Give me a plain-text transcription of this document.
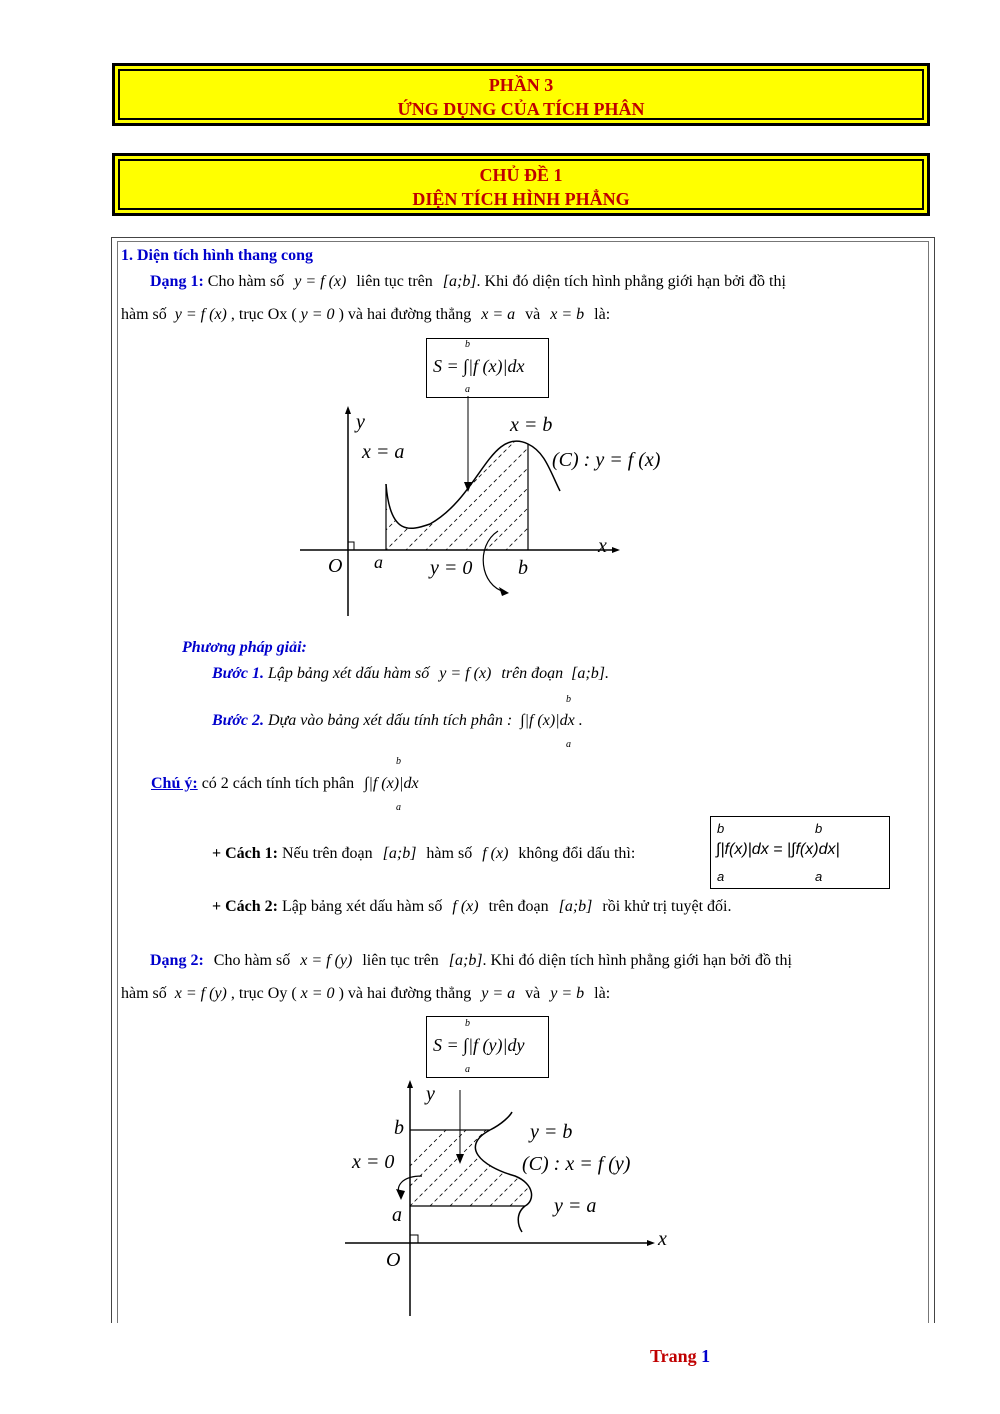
PHẦN 3
ỨNG DỤNG CỦA TÍCH PHÂN
CHỦ ĐỀ 1
DIỆN TÍCH HÌNH PHẲNG
1. Diện tích hình thang cong
Dạng 1: Cho hàm số y = f (x) liên tục trên [a;b]. Khi đó diện tích hình phẳng giới hạn bởi đồ thị
hàm số y = f (x) , trục Ox ( y = 0 ) và hai đường thẳng x = a và x = b là:
S = ∫|f (x)|dx
b
a
y
x
O a	b
x = a
x = b
(C) : y = f (x)
y = 0
Phương pháp giải:
Bước 1. Lập bảng xét dấu hàm số y = f (x) trên đoạn [a;b].
Bước 2. Dựa vào bảng xét dấu tính tích phân : ∫|f (x)|dx .
b
a
Chú ý: có 2 cách tính tích phân ∫|f (x)|dx
b
a
+ Cách 1: Nếu trên đoạn [a;b] hàm số f (x) không đổi dấu thì:	∫|f(x)|dx = |∫f(x)dx|
b
a
b
a
+ Cách 2: Lập bảng xét dấu hàm số f (x) trên đoạn [a;b] rồi khử trị tuyệt đối.
Dạng 2: Cho hàm số x = f (y) liên tục trên [a;b]. Khi đó diện tích hình phẳng giới hạn bởi đồ thị
hàm số x = f (y) , trục Oy ( x = 0 ) và hai đường thẳng y = a và y = b là:
S = ∫|f (y)|dy
b
a
y
x
O
a
b	y = b
y = a
(C) : x = f (y)
x = 0
Trang 1
